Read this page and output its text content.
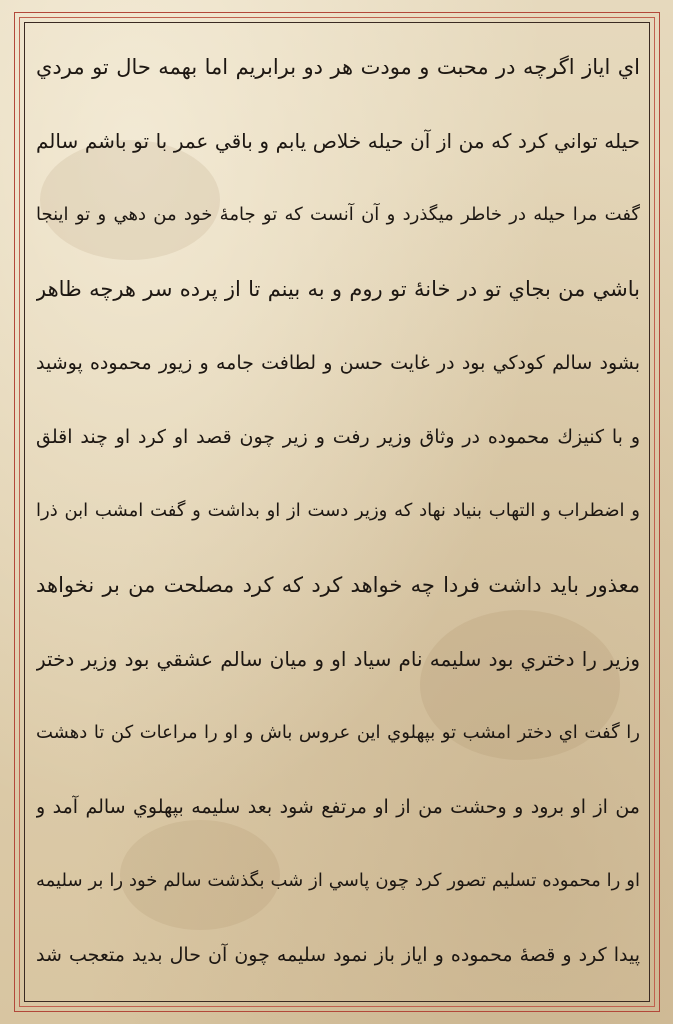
اي اياز اگرچه در محبت و مودت هر دو برابريم اما بهمه حال تو مردي
حيله تواني كرد كه من از آن حيله خلاص يابم و باقي عمر با تو باشم سالم
گفت مرا حيله در خاطر ميگذرد و آن آنست كه تو جامهٔ خود من دهي و تو اينجا
باشي من بجاي تو در خانهٔ تو روم و به بينم تا از پرده سر هرچه ظاهر
بشود سالم كودكي بود در غايت حسن و لطافت جامه و زيور محموده پوشيد
و با كنيزك محموده در وثاق وزير رفت و زير چون قصد او كرد او چند اقلق
و اضطراب و التهاب بنياد نهاد كه وزير دست از او بداشت و گفت امشب ابن ذرا
معذور بايد داشت فردا چه خواهد كرد كه كرد مصلحت من بر نخواهد
وزير را دختري بود سليمه نام سياد او و ميان سالم عشقي بود وزير دختر
را گفت اي دختر امشب تو بپهلوي اين عروس باش و او را مراعات كن تا دهشت
من از او برود و وحشت من از او مرتفع شود بعد سليمه بپهلوي سالم آمد و
او را محموده تسليم تصور كرد چون پاسي از شب بگذشت سالم خود را بر سليمه
پيدا كرد و قصهٔ محموده و اياز باز نمود سليمه چون آن حال بديد متعجب شد
